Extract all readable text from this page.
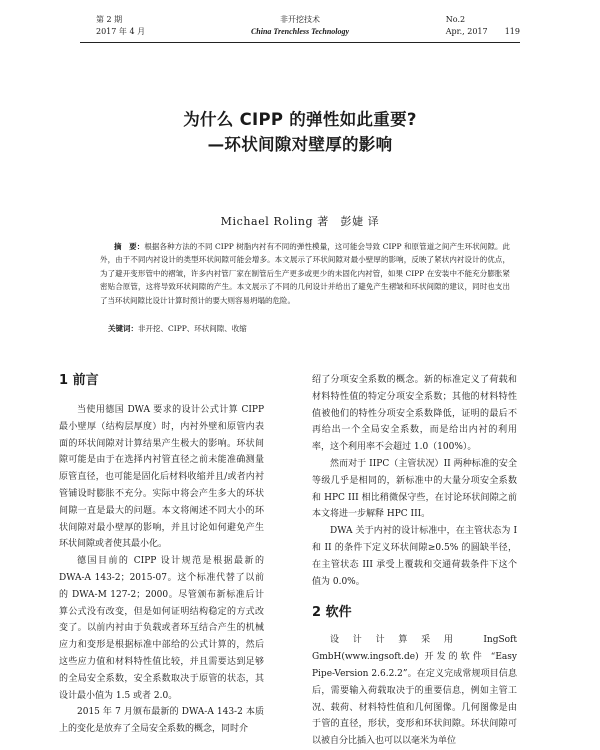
第 2 期
2017 年 4 月
非开挖技术
China Trenchless Technology
No.2
Apr., 2017 119
为什么 CIPP 的弹性如此重要?
—环状间隙对壁厚的影响
Michael Roling 著　彭婕 译
摘　要：根据各种方法的不同 CIPP 树脂内衬有不同的弹性模量，这可能会导致 CIPP 和原管道之间产生环状间隙。此外，由于不同内衬设计的类型环状间隙可能会增多。本文展示了环状间隙对最小壁厚的影响，反映了紧状内衬设计的优点，为了避开变形管中的褶皱，许多内衬管厂家在制管后生产更多或更少的未固化内衬管，如果 CIPP 在安装中不能充分膨胀紧密贴合原管，这将导致环状间隙的产生。本文展示了不同的几何设计并给出了避免产生褶皱和环状间隙的建议，同时也支出了当环状间隙比设计计算时预计的要大则容易坍塌的危险。
关键词：非开挖、CIPP、环状间隙、收缩
1 前言

当使用德国 DWA 要求的设计公式计算 CIPP 最小壁厚（结构层厚度）时，内衬外壁和原管内表面的环状间隙对计算结果产生极大的影响。环状间隙可能是由于在选择内衬管直径之前未能准确测量原管直径，也可能是固化后材料收缩并且/或者内衬管铺设时膨胀不充分。实际中将会产生多大的环状间隙一直是最大的问题。本文将阐述不同大小的环状间隙对最小壁厚的影响，并且讨论如何避免产生环状间隙或者使其最小化。

德国目前的 CIPP 设计规范是根据最新的 DWA-A 143-2；2015-07。这个标准代替了以前的 DWA-M 127-2；2000。尽管颁布新标准后计算公式没有改变，但是如何证明结构稳定的方式改变了。以前内衬由于负载或者环互结合产生的机械应力和变形是根据标准中部给的公式计算的，然后这些应力值和材料特性值比较，并且需要达到足够的全局安全系数，安全系数取决于原管的状态，其设计最小值为 1.5 或者 2.0。

2015 年 7 月颁布最新的 DWA-A 143-2 本质上的变化是放弃了全局安全系数的概念，同时介

绍了分项安全系数的概念。新的标准定义了荷载和材料特性值的特定分项安全系数；其他的材料特性值被他们的特性分项安全系数降低，证明的最后不再给出一个全局安全系数，而是给出内衬的利用率，这个利用率不会超过 1.0（100%）。

然而对于 IIPC（主管状况）II 两种标准的安全等级几乎是相同的，新标准中的大量分项安全系数和 HPC III 相比稍微保守些，在讨论环状间隙之前本文将进一步解释 HPC III。

DWA 关于内衬的设计标准中，在主管状态为 I 和 II 的条件下定义环状间隙≥0.5% 的圆缺半径，在主管状态 III 承受上覆载和交通荷载条件下这个值为 0.0%。

2 软件

设计计算采用 IngSoft GmbH(www.ingsoft.de) 开发的软件 “Easy Pipe-Version 2.6.2.2”。在定义完成常规项目信息后，需要输入荷载取决于的重要信息，例如主管工况、载荷、材料特性值和几何图像。几何图像是由于管的直径，形状，变形和环状间隙。环状间隙可以被自分比插入也可以以毫米为单位
